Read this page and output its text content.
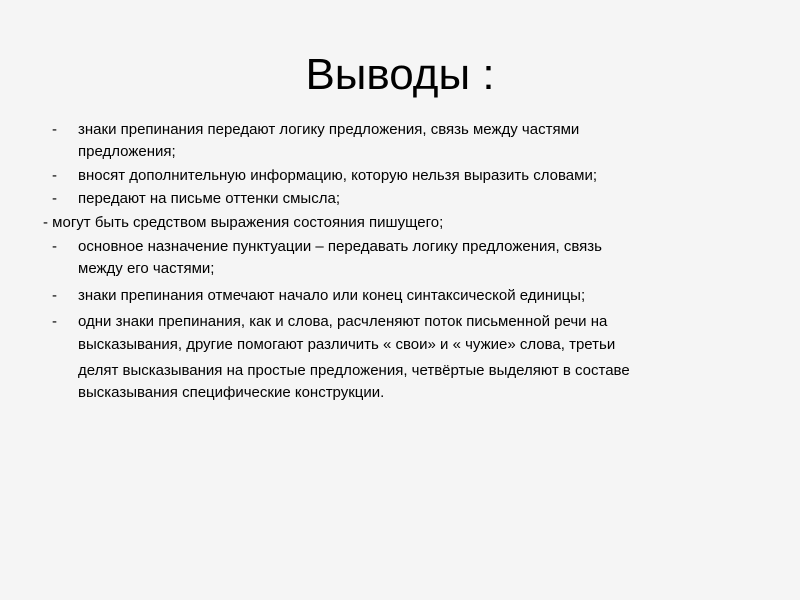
Выводы :
- знаки препинания передают логику предложения, связь между частями
предложения;
- вносят дополнительную информацию, которую нельзя выразить словами;
- передают на письме оттенки смысла;
- могут быть средством выражения состояния пишущего;
- основное назначение пунктуации – передавать логику предложения, связь
между его частями;
- знаки препинания отмечают начало или конец синтаксической единицы;
- одни знаки препинания, как и слова, расчленяют поток письменной речи на
высказывания, другие помогают различить « свои» и « чужие» слова, третьи
делят высказывания на простые предложения, четвёртые выделяют в составе
высказывания специфические конструкции.
